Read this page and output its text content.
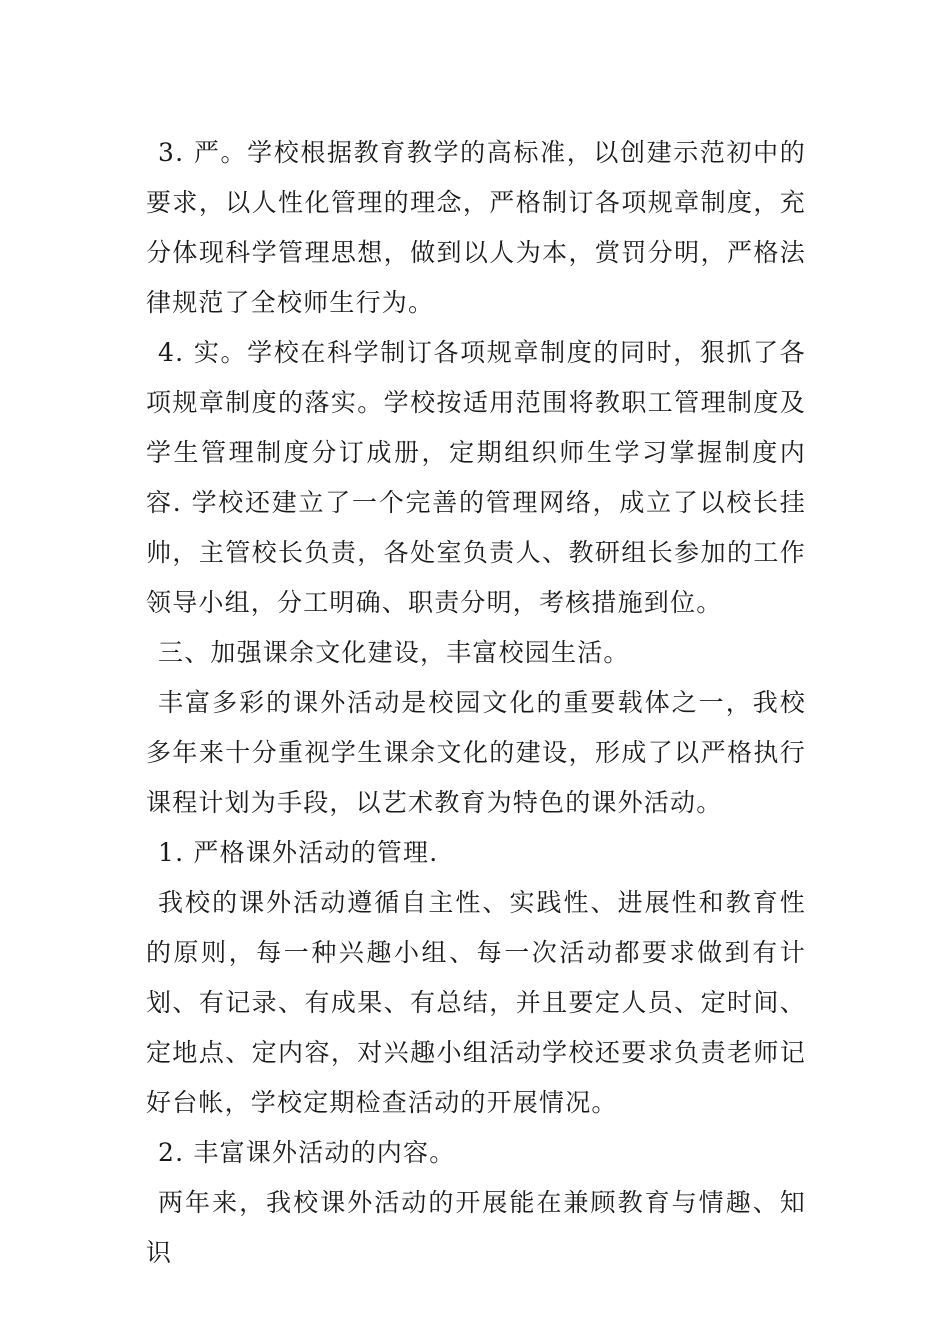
3. 严。学校根据教育教学的高标准，以创建示范初中的要求，以人性化管理的理念，严格制订各项规章制度，充分体现科学管理思想，做到以人为本，赏罚分明，严格法律规范了全校师生行为。

4. 实。学校在科学制订各项规章制度的同时，狠抓了各项规章制度的落实。学校按适用范围将教职工管理制度及学生管理制度分订成册，定期组织师生学习掌握制度内容. 学校还建立了一个完善的管理网络，成立了以校长挂帅，主管校长负责，各处室负责人、教研组长参加的工作领导小组，分工明确、职责分明，考核措施到位。

三、加强课余文化建设，丰富校园生活。

丰富多彩的课外活动是校园文化的重要载体之一，我校多年来十分重视学生课余文化的建设，形成了以严格执行课程计划为手段，以艺术教育为特色的课外活动。

1. 严格课外活动的管理.

我校的课外活动遵循自主性、实践性、进展性和教育性的原则，每一种兴趣小组、每一次活动都要求做到有计划、有记录、有成果、有总结，并且要定人员、定时间、定地点、定内容，对兴趣小组活动学校还要求负责老师记好台帐，学校定期检查活动的开展情况。

2. 丰富课外活动的内容。

两年来，我校课外活动的开展能在兼顾教育与情趣、知识
